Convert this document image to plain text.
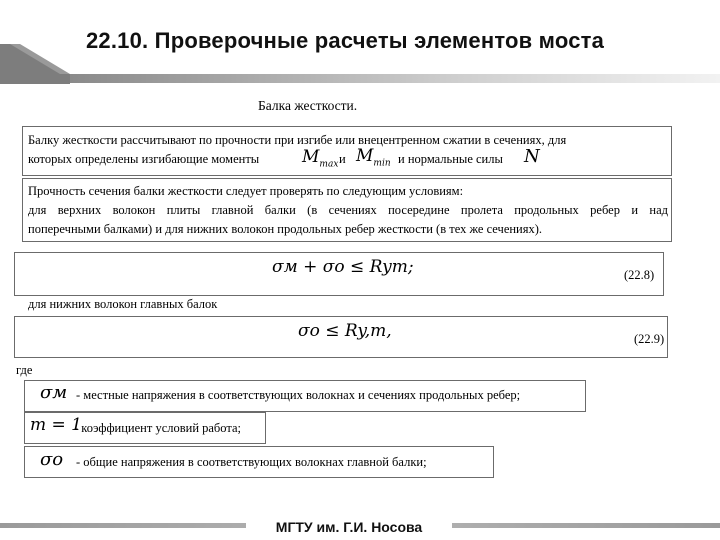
22.10. Проверочные расчеты элементов моста
Балка жесткости.
Балку жесткости рассчитывают по прочности при изгибе или внецентренном сжатии в сечениях, для
которых определены изгибающие моменты	$M_{max}$ и $M_{min}$ и нормальные силы N
Прочность сечения балки жесткости следует проверять по следующим условиям:
для верхних волокон плиты главной балки (в сечениях посередине пролета продольных ребер и над
поперечными балками) и для нижних волокон продольных ребер жесткости (в тех же сечениях).
σм + σо ≤ Ryт;	(22.8)
для нижних волокон главных балок
σо ≤ Ry,m,	(22.9)
где
σм - местные напряжения в соответствующих волокнах и сечениях продольных ребер;
m = 1
- коэффициент условий работа;
σо - общие напряжения в соответствующих волокнах главной балки;
МГТУ им. Г.И. Носова
